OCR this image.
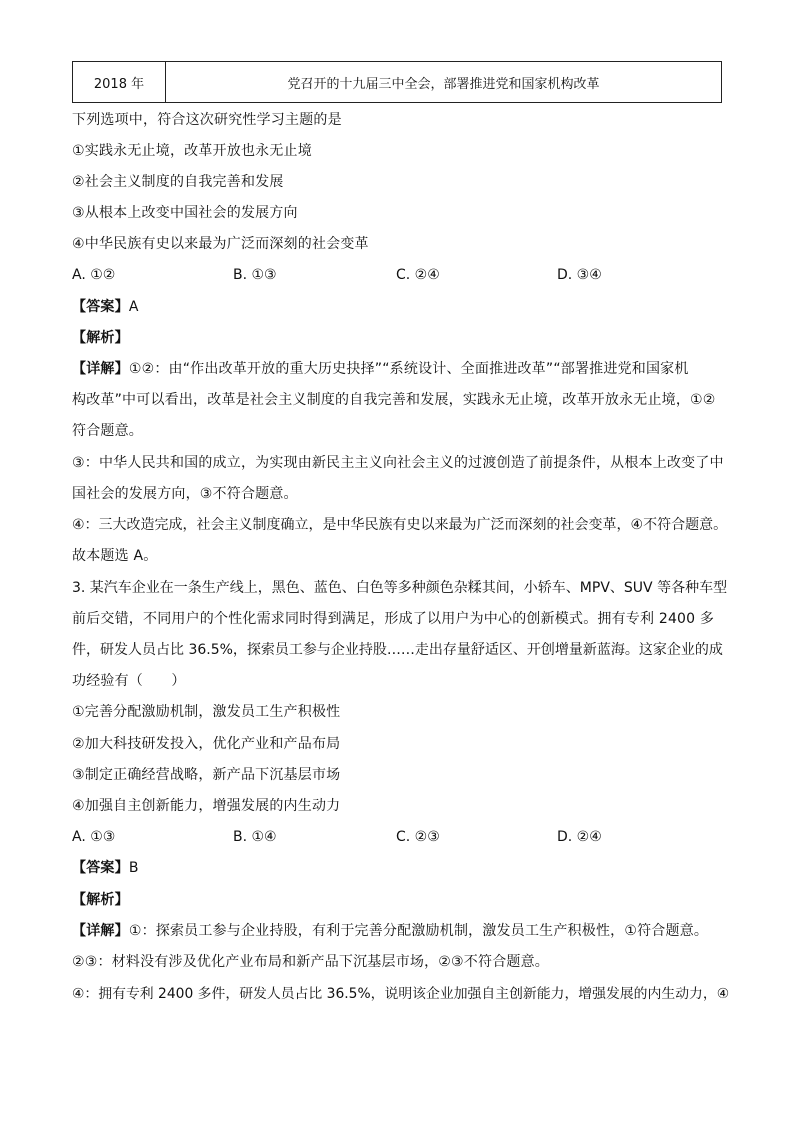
2018 年	党召开的十九届三中全会，部署推进党和国家机构改革
下列选项中，符合这次研究性学习主题的是
①实践永无止境，改革开放也永无止境
②社会主义制度的自我完善和发展
③从根本上改变中国社会的发展方向
④中华民族有史以来最为广泛而深刻的社会变革
A. ①②	B. ①③	C. ②④	D. ③④
【答案】A
【解析】
【详解】①②：由“作出改革开放的重大历史抉择”“系统设计、全面推进改革”“部署推进党和国家机
构改革”中可以看出，改革是社会主义制度的自我完善和发展，实践永无止境，改革开放永无止境，①②
符合题意。
③：中华人民共和国的成立，为实现由新民主主义向社会主义的过渡创造了前提条件，从根本上改变了中
国社会的发展方向，③不符合题意。
④：三大改造完成，社会主义制度确立，是中华民族有史以来最为广泛而深刻的社会变革，④不符合题意。
故本题选 A。
3. 某汽车企业在一条生产线上，黑色、蓝色、白色等多种颜色杂糅其间，小轿车、MPV、SUV 等各种车型
前后交错，不同用户的个性化需求同时得到满足，形成了以用户为中心的创新模式。拥有专利 2400 多
件，研发人员占比 36.5%，探索员工参与企业持股……走出存量舒适区、开创增量新蓝海。这家企业的成
功经验有（　　）
①完善分配激励机制，激发员工生产积极性
②加大科技研发投入，优化产业和产品布局
③制定正确经营战略，新产品下沉基层市场
④加强自主创新能力，增强发展的内生动力
A. ①③	B. ①④	C. ②③	D. ②④
【答案】B
【解析】
【详解】①：探索员工参与企业持股，有利于完善分配激励机制，激发员工生产积极性，①符合题意。
②③：材料没有涉及优化产业布局和新产品下沉基层市场，②③不符合题意。
④：拥有专利 2400 多件，研发人员占比 36.5%，说明该企业加强自主创新能力，增强发展的内生动力，④
